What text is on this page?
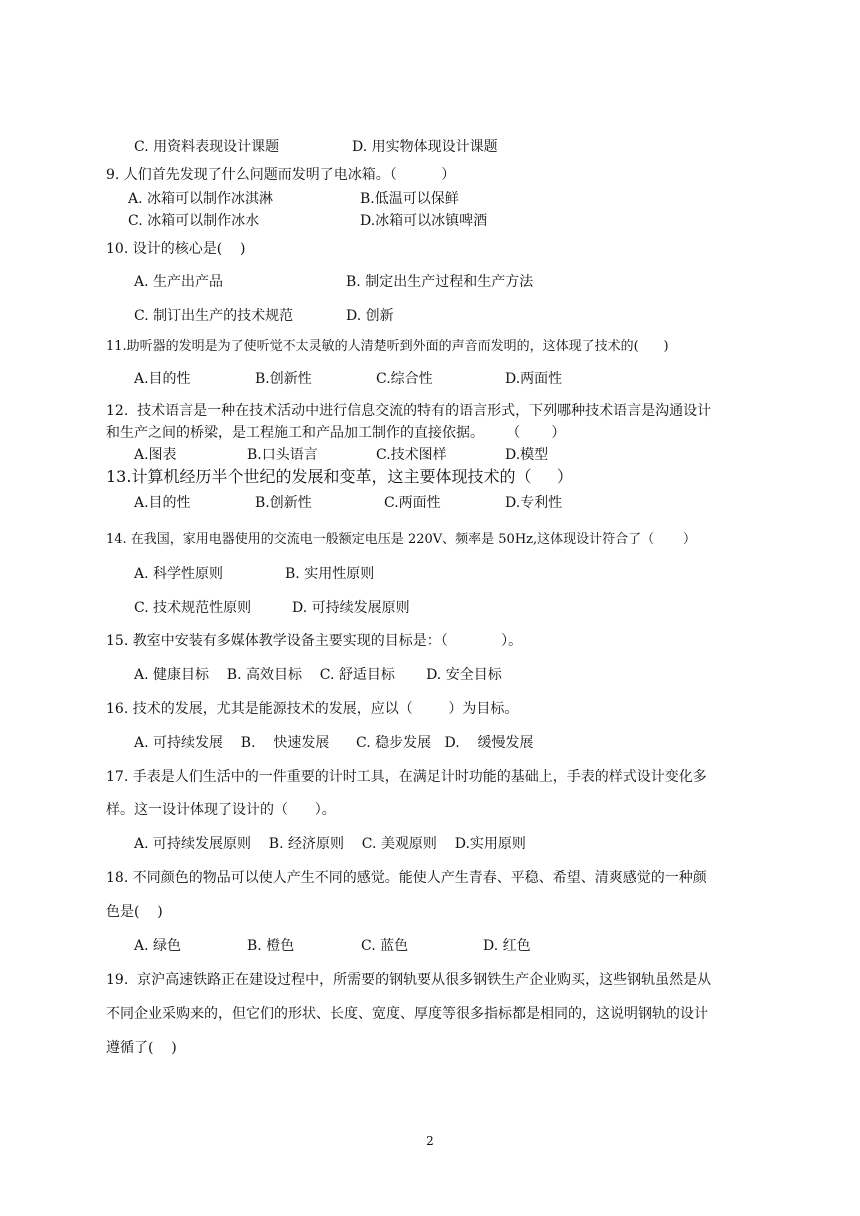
C. 用资料表现设计课题	D. 用实物体现设计课题
9. 人们首先发现了什么问题而发明了电冰箱。（          ）
A. 冰箱可以制作冰淇淋	B.低温可以保鲜
C. 冰箱可以制作冰水	D.冰箱可以冰镇啤酒
10. 设计的核心是(    )
A. 生产出产品	B. 制定出生产过程和生产方法
C. 制订出生产的技术规范	D. 创新
11.助听器的发明是为了使听觉不太灵敏的人清楚听到外面的声音而发明的，这体现了技术的(      )
A.目的性	B.创新性	C.综合性	D.两面性
12.  技术语言是一种在技术活动中进行信息交流的特有的语言形式，下列哪种技术语言是沟通设计
和生产之间的桥梁，是工程施工和产品加工制作的直接依据。     （       ）
A.图表	B.口头语言	C.技术图样	D.模型
13.计算机经历半个世纪的发展和变革，这主要体现技术的（     ）
A.目的性	B.创新性	C.两面性	D.专利性
14. 在我国，家用电器使用的交流电一般额定电压是 220V、频率是 50Hz,这体现设计符合了（       ）
A. 科学性原则	B. 实用性原则
C. 技术规范性原则	D. 可持续发展原则
15. 教室中安装有多媒体教学设备主要实现的目标是：（            ）。
A. 健康目标    B. 高效目标    C. 舒适目标       D. 安全目标
16. 技术的发展，尤其是能源技术的发展，应以（        ）为目标。
A. 可持续发展    B.    快速发展      C. 稳步发展   D.    缓慢发展
17. 手表是人们生活中的一件重要的计时工具，在满足计时功能的基础上，手表的样式设计变化多
样。这一设计体现了设计的（      ）。
A. 可持续发展原则    B. 经济原则    C. 美观原则    D.实用原则
18. 不同颜色的物品可以使人产生不同的感觉。能使人产生青春、平稳、希望、清爽感觉的一种颜
色是(    )
A. 绿色	B. 橙色	C. 蓝色	D. 红色
19.  京沪高速铁路正在建设过程中，所需要的钢轨要从很多钢铁生产企业购买，这些钢轨虽然是从
不同企业采购来的，但它们的形状、长度、宽度、厚度等很多指标都是相同的，这说明钢轨的设计
遵循了(    )
2
